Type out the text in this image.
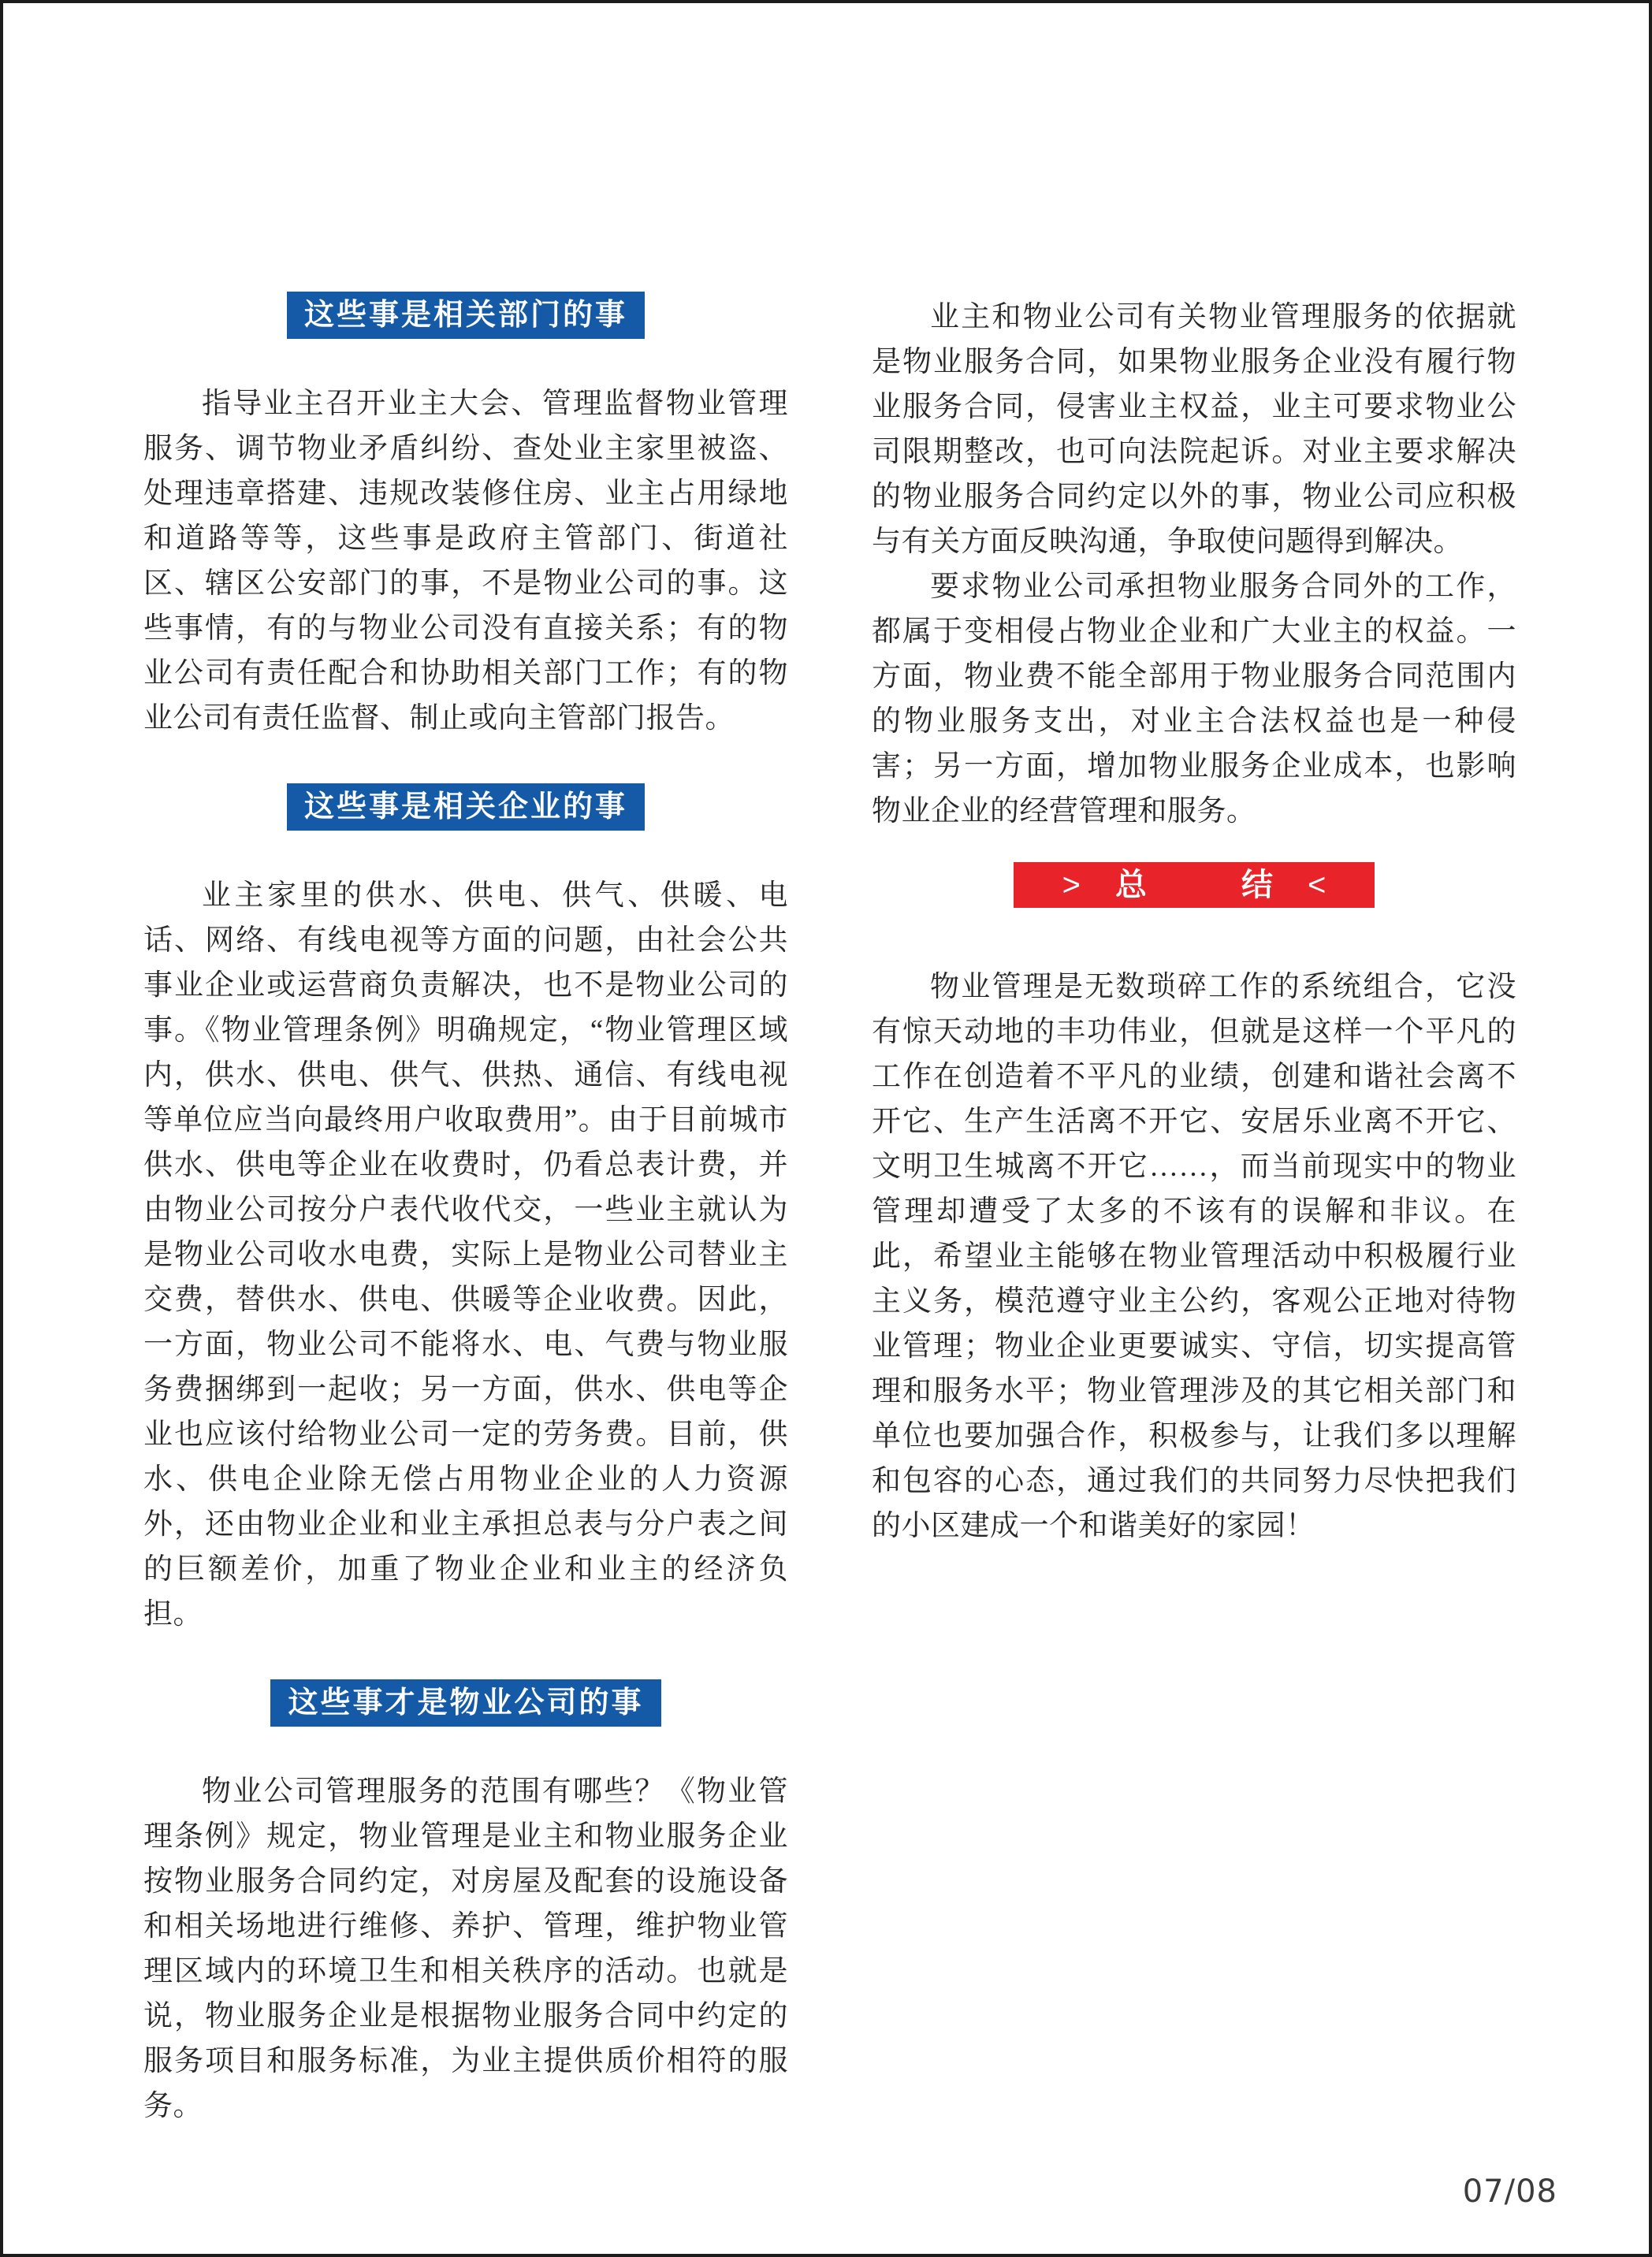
这些事是相关部门的事

指导业主召开业主大会、管理监督物业管理服务、调节物业矛盾纠纷、查处业主家里被盗、处理违章搭建、违规改装修住房、业主占用绿地和道路等等，这些事是政府主管部门、街道社区、辖区公安部门的事，不是物业公司的事。这些事情，有的与物业公司没有直接关系；有的物业公司有责任配合和协助相关部门工作；有的物业公司有责任监督、制止或向主管部门报告。

这些事是相关企业的事

业主家里的供水、供电、供气、供暖、电话、网络、有线电视等方面的问题，由社会公共事业企业或运营商负责解决，也不是物业公司的事。《物业管理条例》明确规定，“物业管理区域内，供水、供电、供气、供热、通信、有线电视等单位应当向最终用户收取费用”。由于目前城市供水、供电等企业在收费时，仍看总表计费，并由物业公司按分户表代收代交，一些业主就认为是物业公司收水电费，实际上是物业公司替业主交费，替供水、供电、供暖等企业收费。因此，一方面，物业公司不能将水、电、气费与物业服务费捆绑到一起收；另一方面，供水、供电等企业也应该付给物业公司一定的劳务费。目前，供水、供电企业除无偿占用物业企业的人力资源外，还由物业企业和业主承担总表与分户表之间的巨额差价，加重了物业企业和业主的经济负担。

这些事才是物业公司的事

物业公司管理服务的范围有哪些？《物业管理条例》规定，物业管理是业主和物业服务企业按物业服务合同约定，对房屋及配套的设施设备和相关场地进行维修、养护、管理，维护物业管理区域内的环境卫生和相关秩序的活动。也就是说，物业服务企业是根据物业服务合同中约定的服务项目和服务标准，为业主提供质价相符的服务。

业主和物业公司有关物业管理服务的依据就是物业服务合同，如果物业服务企业没有履行物业服务合同，侵害业主权益，业主可要求物业公司限期整改，也可向法院起诉。对业主要求解决的物业服务合同约定以外的事，物业公司应积极与有关方面反映沟通，争取使问题得到解决。

要求物业公司承担物业服务合同外的工作，都属于变相侵占物业企业和广大业主的权益。一方面，物业费不能全部用于物业服务合同范围内的物业服务支出，对业主合法权益也是一种侵害；另一方面，增加物业服务企业成本，也影响物业企业的经营管理和服务。

> 总　结 <

物业管理是无数琐碎工作的系统组合，它没有惊天动地的丰功伟业，但就是这样一个平凡的工作在创造着不平凡的业绩，创建和谐社会离不开它、生产生活离不开它、安居乐业离不开它、文明卫生城离不开它……，而当前现实中的物业管理却遭受了太多的不该有的误解和非议。在此，希望业主能够在物业管理活动中积极履行业主义务，模范遵守业主公约，客观公正地对待物业管理；物业企业更要诚实、守信，切实提高管理和服务水平；物业管理涉及的其它相关部门和单位也要加强合作，积极参与，让我们多以理解和包容的心态，通过我们的共同努力尽快把我们的小区建成一个和谐美好的家园！

07/08
